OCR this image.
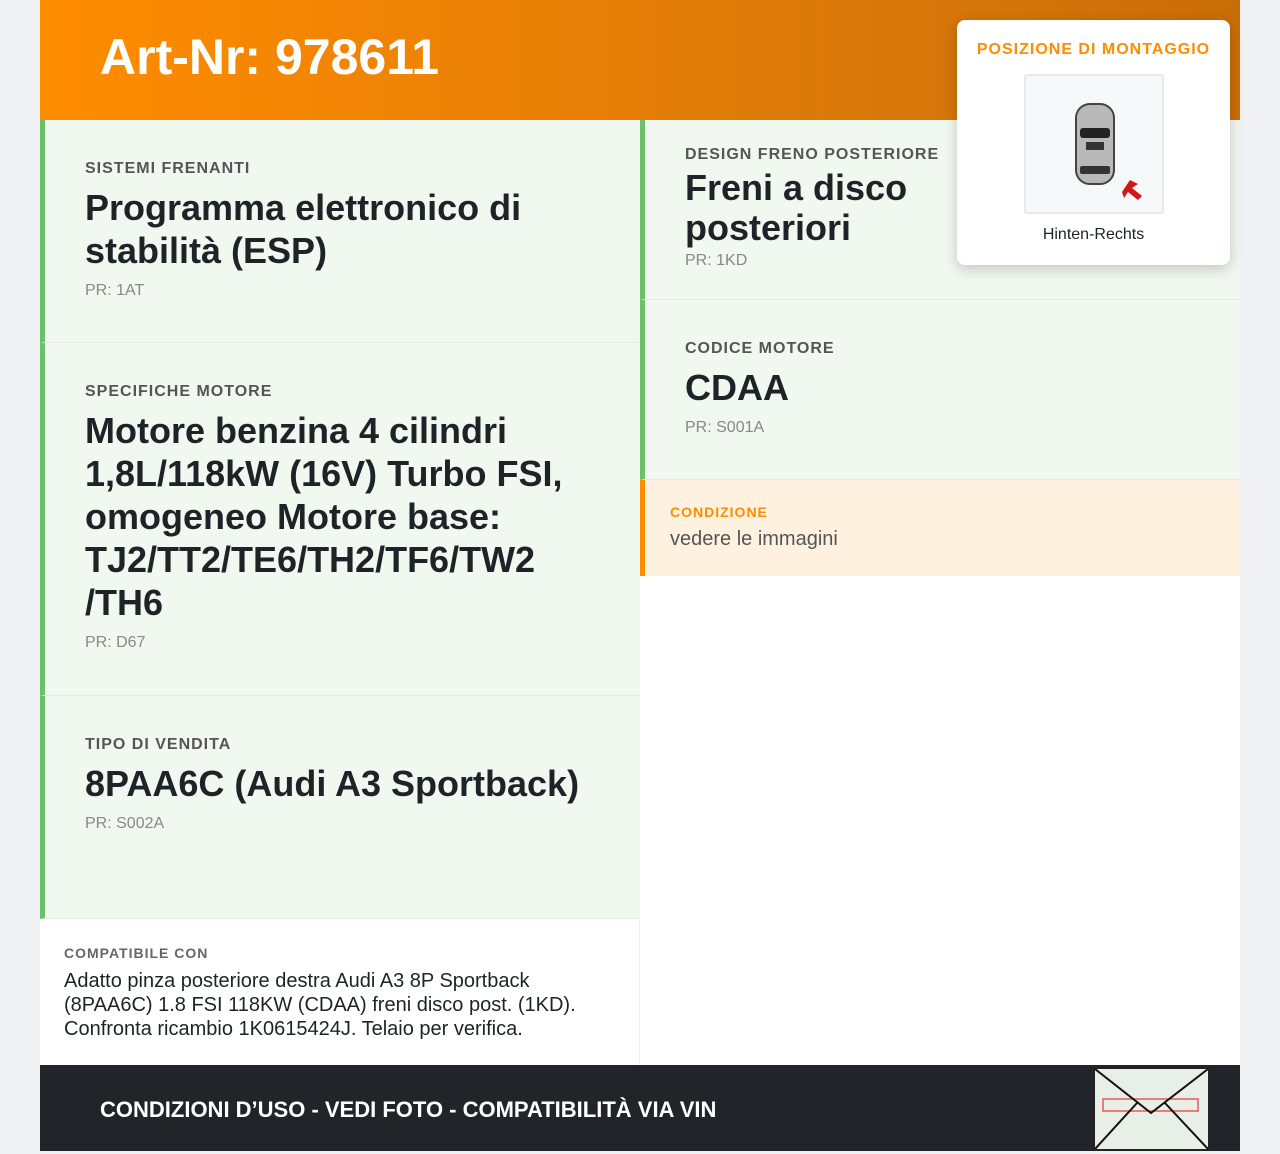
Art-Nr: 978611
SISTEMI FRENANTI
Programma elettronico di stabilità (ESP)
PR: 1AT
SPECIFICHE MOTORE
Motore benzina 4 cilindri 1,8L/118kW (16V) Turbo FSI, omogeneo Motore base: TJ2/TT2/TE6/TH2/TF6/TW2 /TH6
PR: D67
TIPO DI VENDITA
8PAA6C (Audi A3 Sportback)
PR: S002A
DESIGN FRENO POSTERIORE
Freni a disco posteriori
PR: 1KD
CODICE MOTORE
CDAA
PR: S001A
CONDIZIONE
vedere le immagini
COMPATIBILE CON
Adatto pinza posteriore destra Audi A3 8P Sportback (8PAA6C) 1.8 FSI 118KW (CDAA) freni disco post. (1KD). Confronta ricambio 1K0615424J. Telaio per verifica.
CONDIZIONI D’USO - VEDI FOTO - COMPATIBILITÀ VIA VIN
POSIZIONE DI MONTAGGIO
Hinten-Rechts
